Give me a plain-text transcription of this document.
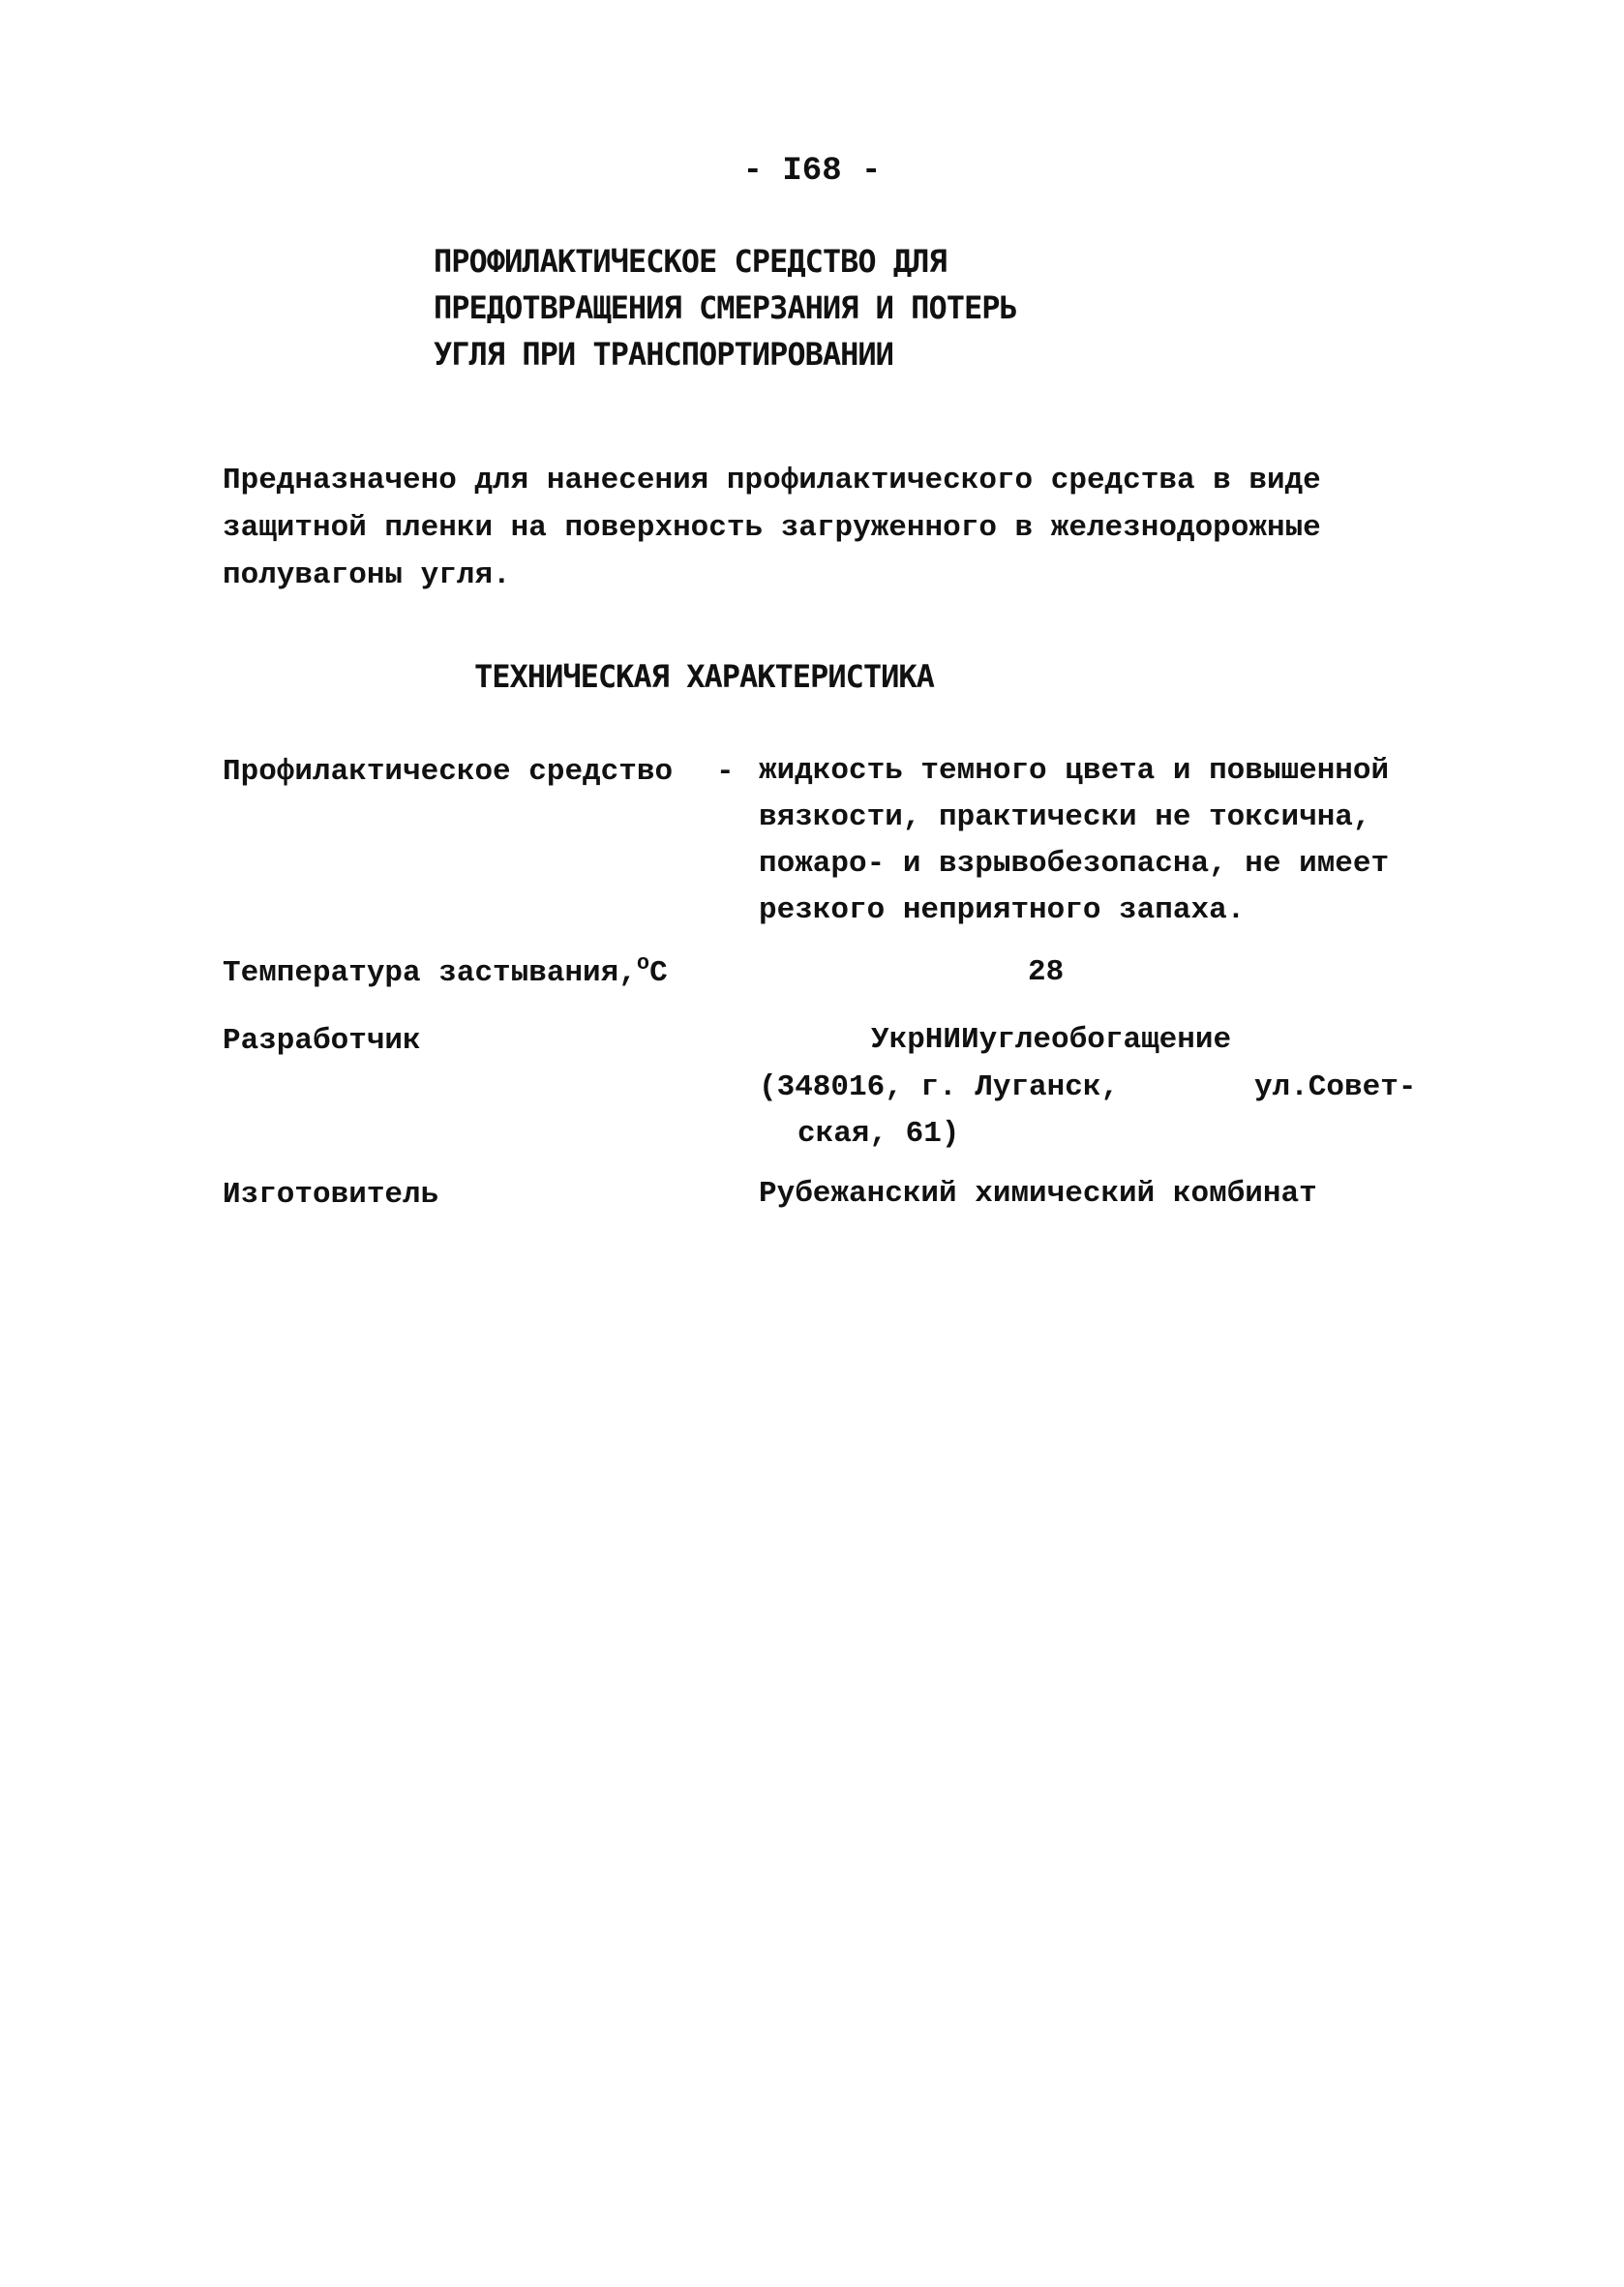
- I68 -
ПРОФИЛАКТИЧЕСКОЕ СРЕДСТВО ДЛЯ
ПРЕДОТВРАЩЕНИЯ СМЕРЗАНИЯ И ПОТЕРЬ
УГЛЯ ПРИ ТРАНСПОРТИРОВАНИИ
Предназначено для нанесения профилактического средства в виде
защитной пленки на поверхность загруженного в железнодорожные
полувагоны угля.
ТЕХНИЧЕСКАЯ ХАРАКТЕРИСТИКА
Профилактическое средство - жидкость темного цвета и повышенной
вязкости, практически не токсична,
пожаро- и взрывобезопасна, не имеет
резкого неприятного запаха.
Температура застывания,$^o$C	28
Разработчик	УкрНИИуглеобогащение
(348016, г. Луганск,	ул.Совет-
ская, 61)
Изготовитель	Рубежанский химический комбинат
